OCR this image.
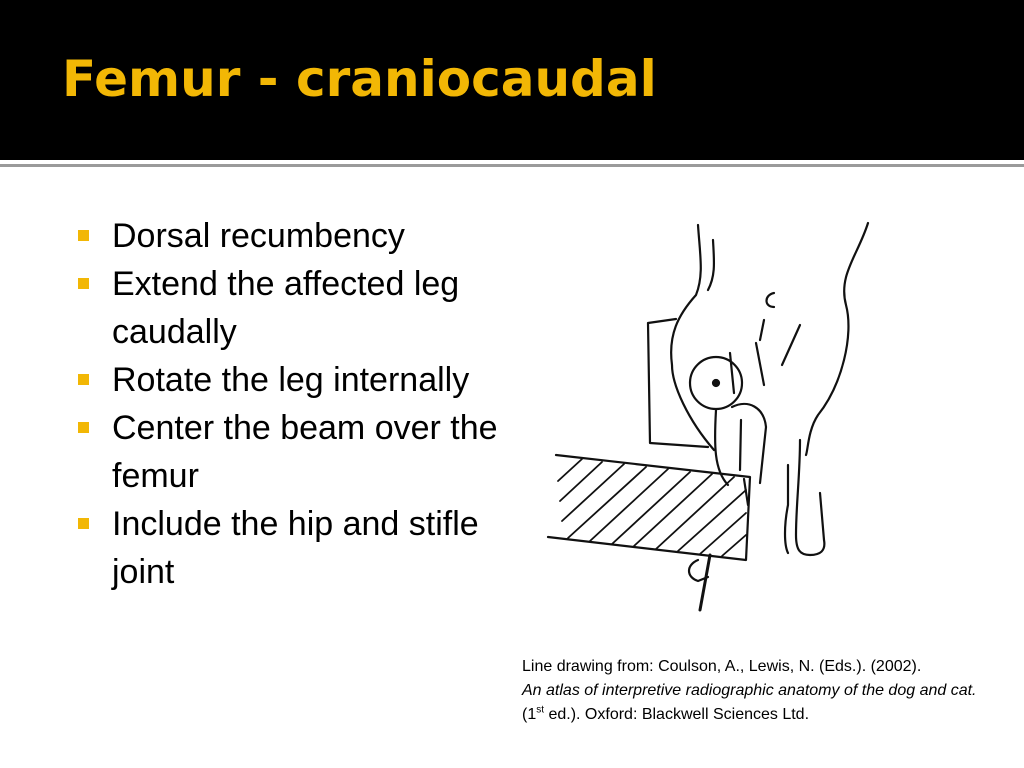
Femur - craniocaudal
Dorsal recumbency
Extend the affected leg caudally
Rotate the leg internally
Center the beam over the femur
Include the hip and stifle joint
Line drawing from: Coulson, A., Lewis, N. (Eds.). (2002).
An atlas of interpretive radiographic anatomy of the dog and cat. (1st ed.). Oxford: Blackwell Sciences Ltd.
